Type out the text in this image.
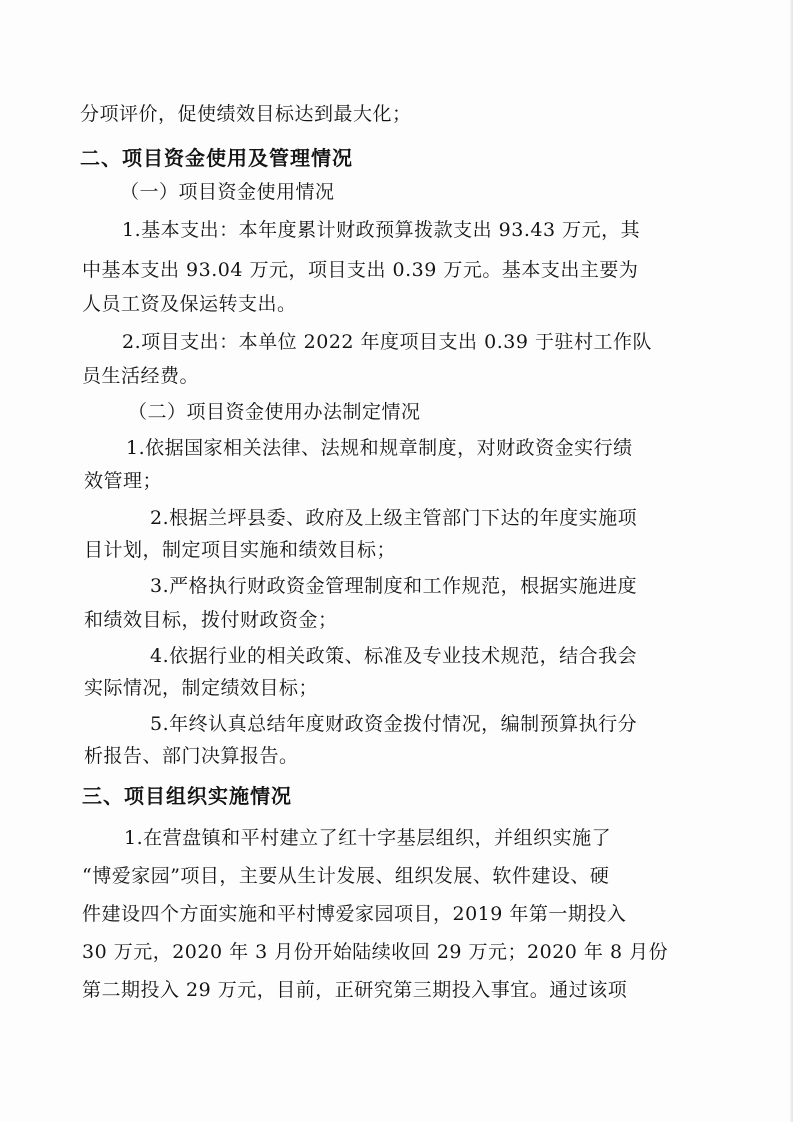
分项评价，促使绩效目标达到最大化；
二、项目资金使用及管理情况
（一）项目资金使用情况
1.基本支出：本年度累计财政预算拨款支出 93.43 万元，其
中基本支出 93.04 万元，项目支出 0.39 万元。基本支出主要为
人员工资及保运转支出。
2.项目支出：本单位 2022 年度项目支出 0.39 于驻村工作队
员生活经费。
（二）项目资金使用办法制定情况
1.依据国家相关法律、法规和规章制度，对财政资金实行绩
效管理；
2.根据兰坪县委、政府及上级主管部门下达的年度实施项
目计划，制定项目实施和绩效目标；
3.严格执行财政资金管理制度和工作规范，根据实施进度
和绩效目标，拨付财政资金；
4.依据行业的相关政策、标准及专业技术规范，结合我会
实际情况，制定绩效目标；
5.年终认真总结年度财政资金拨付情况，编制预算执行分
析报告、部门决算报告。
三、项目组织实施情况
1.在营盘镇和平村建立了红十字基层组织，并组织实施了
“博爱家园”项目，主要从生计发展、组织发展、软件建设、硬
件建设四个方面实施和平村博爱家园项目，2019 年第一期投入
30 万元，2020 年 3 月份开始陆续收回 29 万元；2020 年 8 月份
第二期投入 29 万元，目前，正研究第三期投入事宜。通过该项
